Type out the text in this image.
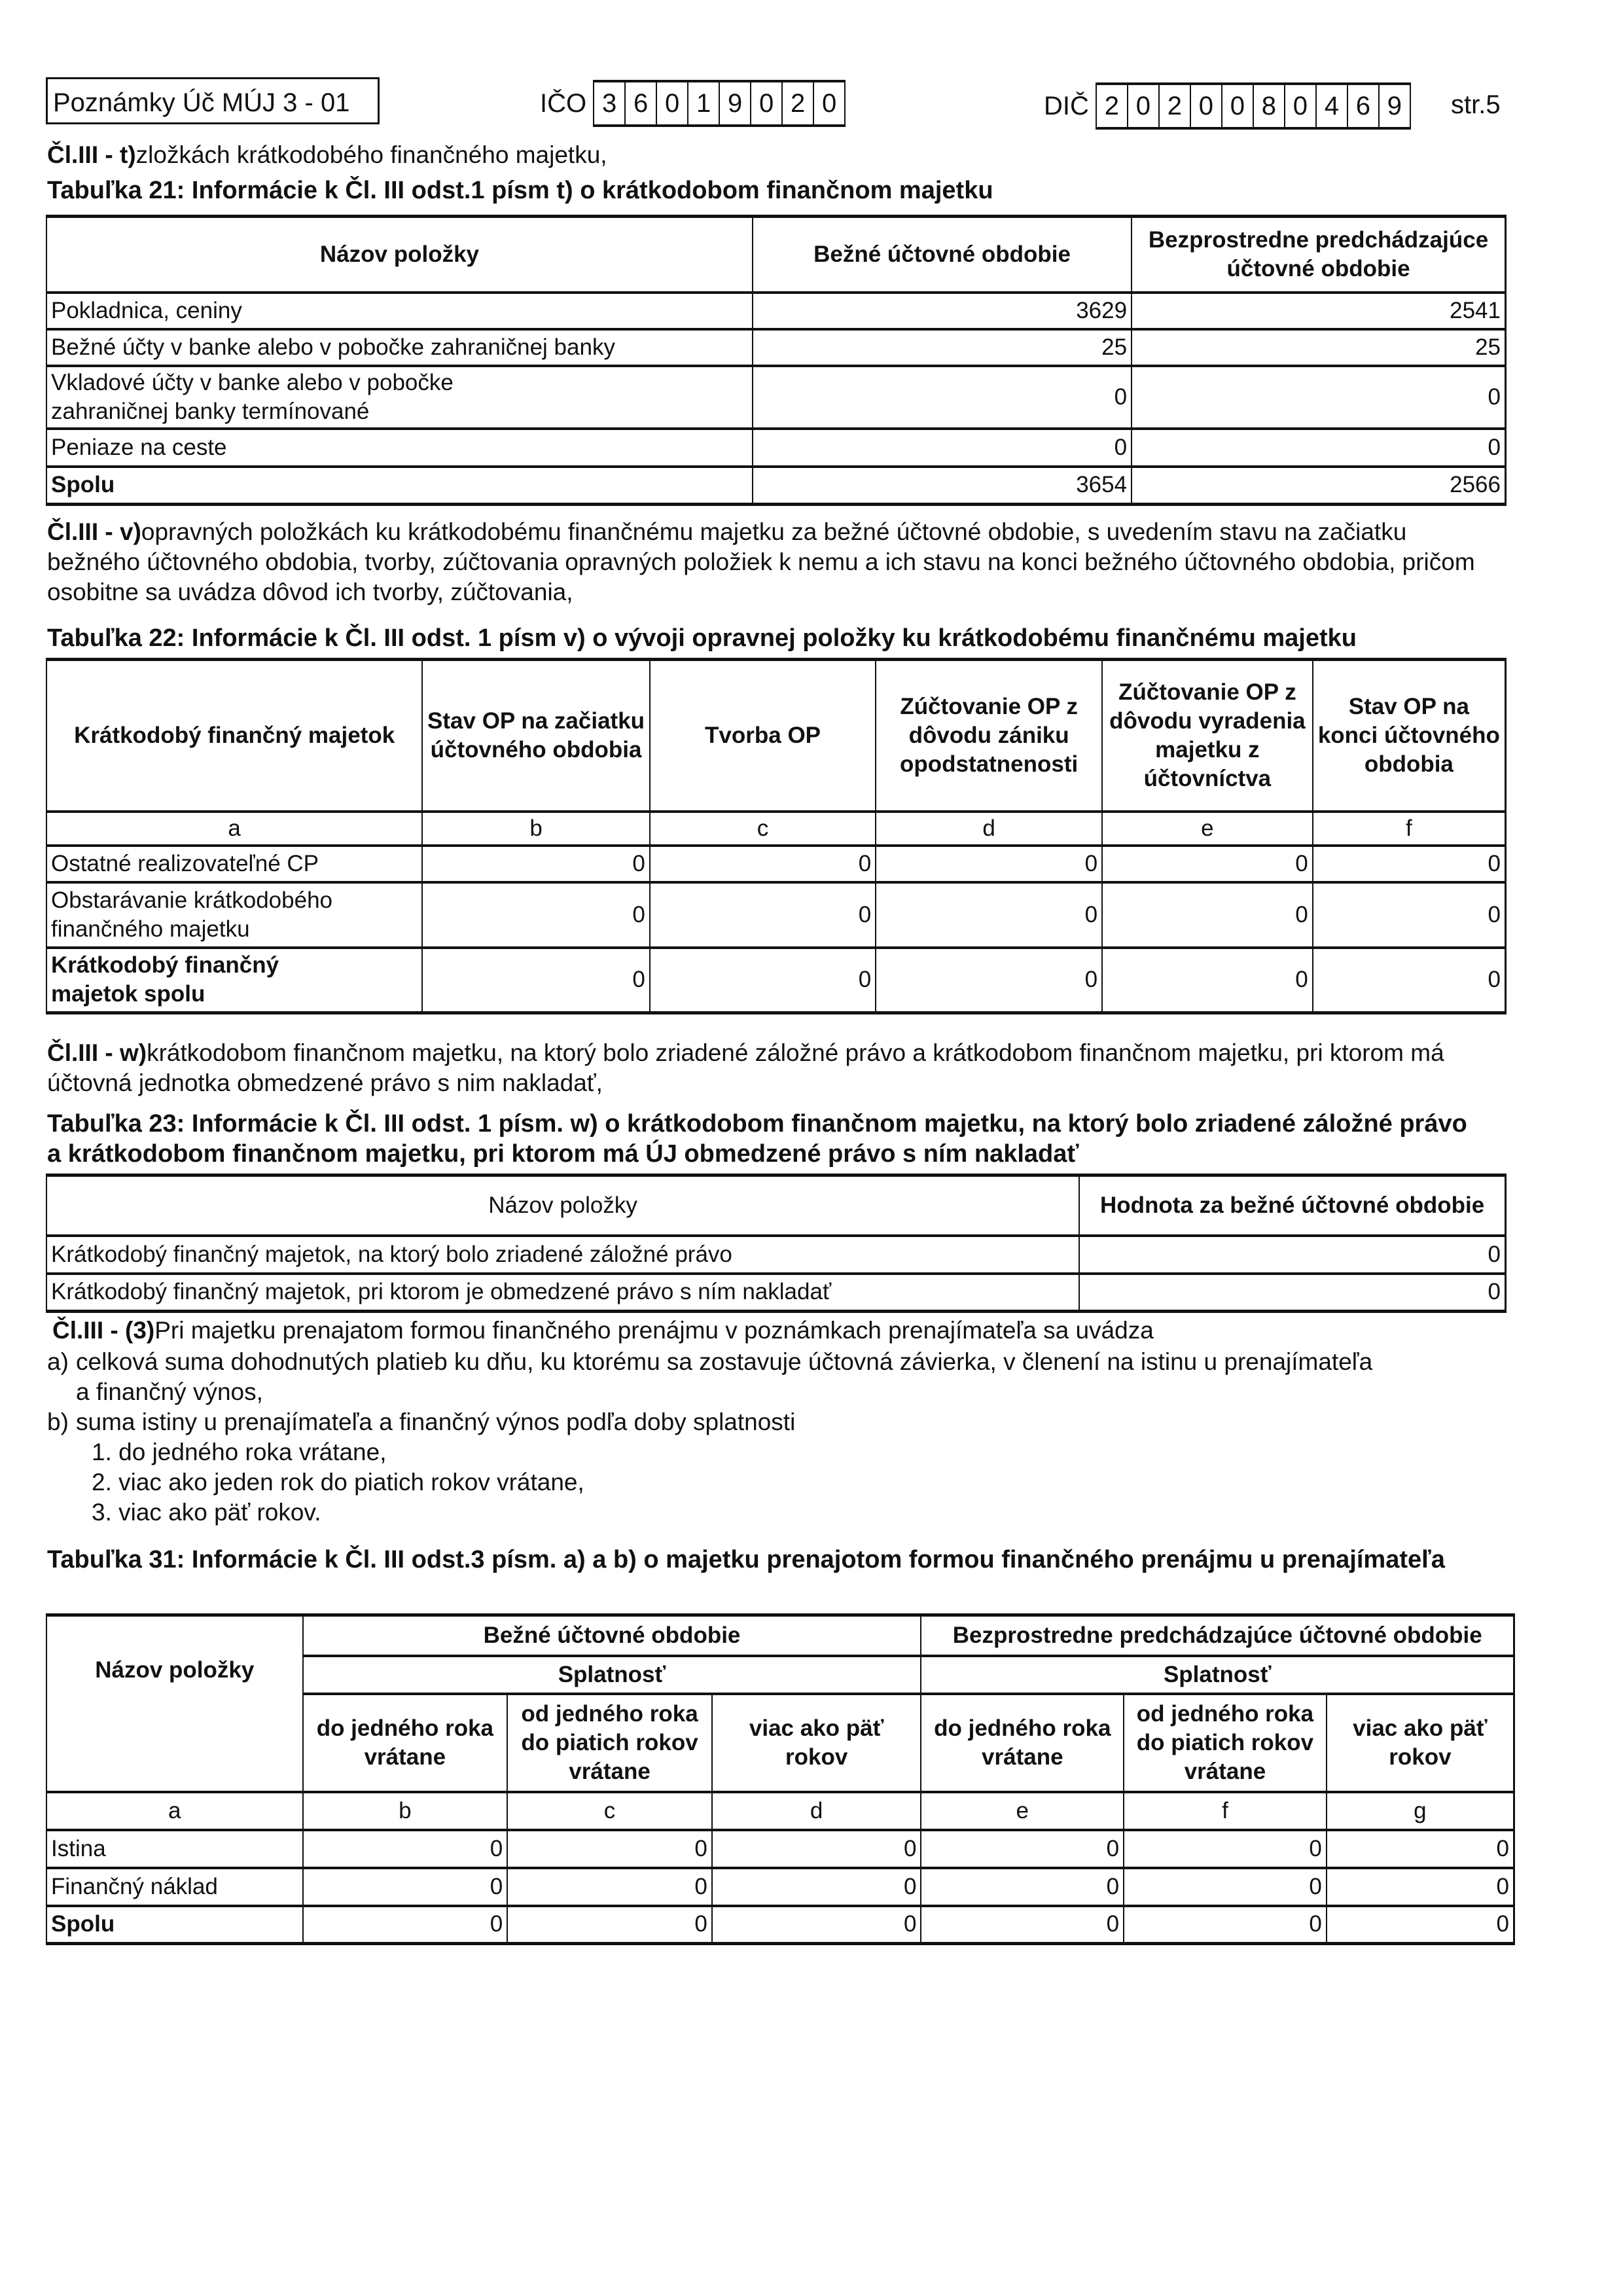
Poznámky Úč MÚJ 3 - 01	IČO 3 6 0 1 9 0 2 0	DIČ 2 0 2 0 0 8 0 4 6 9	str.5
Čl.III - t)zložkách krátkodobého finančného majetku,
Tabuľka 21: Informácie k Čl. III odst.1 písm t) o krátkodobom finančnom majetku
Názov položky	Bežné účtovné obdobie	Bezprostredne predchádzajúce účtovné obdobie
Pokladnica, ceniny	3629	2541
Bežné účty v banke alebo v pobočke zahraničnej banky	25	25
Vkladové účty v banke alebo v pobočke zahraničnej banky termínované	0	0
Peniaze na ceste	0	0
Spolu	3654	2566
Čl.III - v)opravných položkách ku krátkodobému finančnému majetku za bežné účtovné obdobie, s uvedením stavu na začiatku bežného účtovného obdobia, tvorby, zúčtovania opravných položiek k nemu a ich stavu na konci bežného účtovného obdobia, pričom osobitne sa uvádza dôvod ich tvorby, zúčtovania,
Tabuľka 22: Informácie k Čl. III odst. 1 písm v) o vývoji opravnej položky ku krátkodobému finančnému majetku
Krátkodobý finančný majetok	Stav OP na začiatku účtovného obdobia	Tvorba OP	Zúčtovanie OP z dôvodu zániku opodstatnenosti	Zúčtovanie OP z dôvodu vyradenia majetku z účtovníctva	Stav OP na konci účtovného obdobia
a	b	c	d	e	f
Ostatné realizovateľné CP	0	0	0	0	0
Obstarávanie krátkodobého finančného majetku	0	0	0	0	0
Krátkodobý finančný majetok spolu	0	0	0	0	0
Čl.III - w)krátkodobom finančnom majetku, na ktorý bolo zriadené záložné právo a krátkodobom finančnom majetku, pri ktorom má účtovná jednotka obmedzené právo s nim nakladať,
Tabuľka 23: Informácie k Čl. III odst. 1 písm. w) o krátkodobom finančnom majetku, na ktorý bolo zriadené záložné právo a krátkodobom finančnom majetku, pri ktorom má ÚJ obmedzené právo s ním nakladať
Názov položky	Hodnota za bežné účtovné obdobie
Krátkodobý finančný majetok, na ktorý bolo zriadené záložné právo	0
Krátkodobý finančný majetok, pri ktorom je obmedzené právo s ním nakladať	0
Čl.III - (3)Pri majetku prenajatom formou finančného prenájmu v poznámkach prenajímateľa sa uvádza
a) celková suma dohodnutých platieb ku dňu, ku ktorému sa zostavuje účtovná závierka, v členení na istinu u prenajímateľa a finančný výnos,
b) suma istiny u prenajímateľa a finančný výnos podľa doby splatnosti
1. do jedného roka vrátane,
2. viac ako jeden rok do piatich rokov vrátane,
3. viac ako päť rokov.
Tabuľka 31: Informácie k Čl. III odst.3 písm. a) a b) o majetku prenajotom formou finančného prenájmu u prenajímateľa
Názov položky	Bežné účtovné obdobie			Bezprostredne predchádzajúce účtovné obdobie		
	Splatnosť			Splatnosť		
	do jedného roka vrátane	od jedného roka do piatich rokov vrátane	viac ako päť rokov	do jedného roka vrátane	od jedného roka do piatich rokov vrátane	viac ako päť rokov
a	b	c	d	e	f	g
Istina	0	0	0	0	0	0
Finančný náklad	0	0	0	0	0	0
Spolu	0	0	0	0	0	0
